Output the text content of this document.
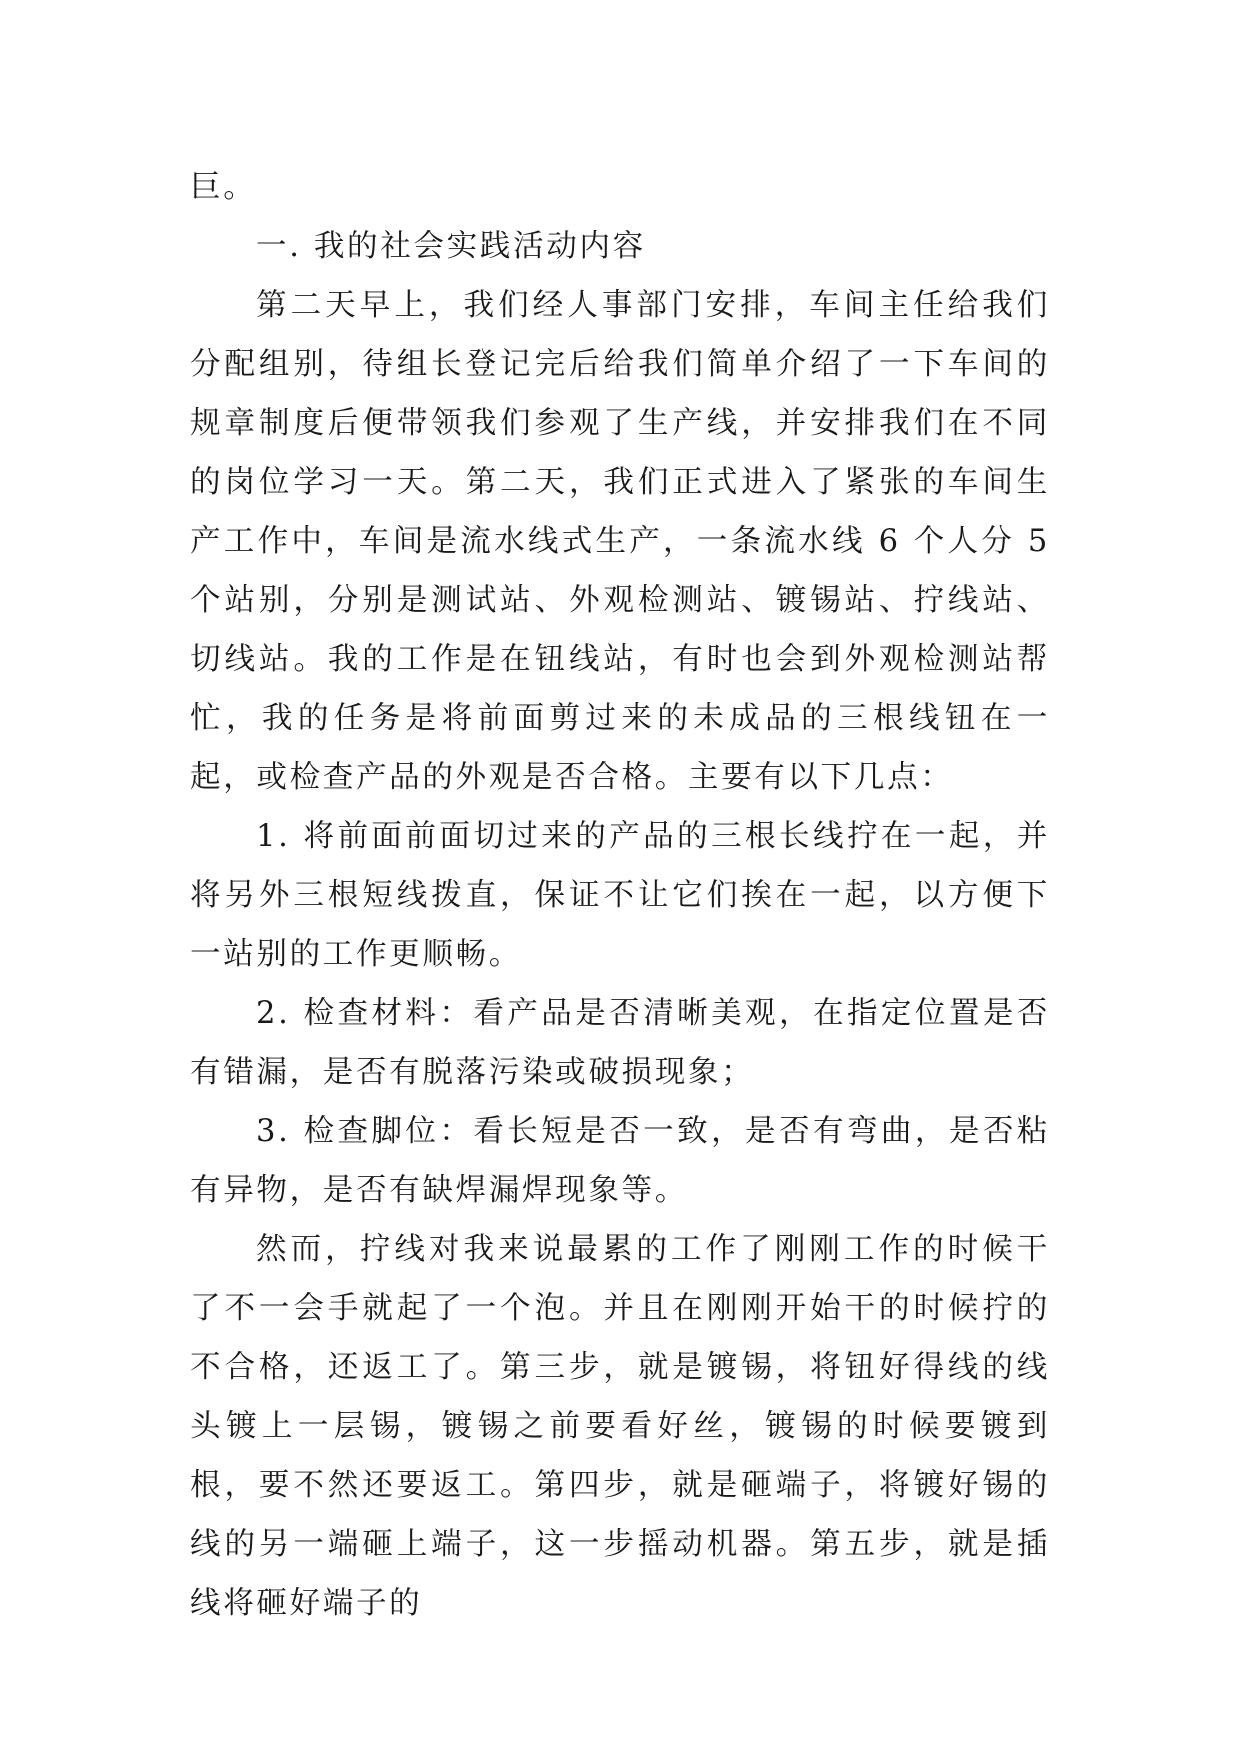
巨。

一. 我的社会实践活动内容

第二天早上，我们经人事部门安排，车间主任给我们分配组别，待组长登记完后给我们简单介绍了一下车间的规章制度后便带领我们参观了生产线，并安排我们在不同的岗位学习一天。第二天，我们正式进入了紧张的车间生产工作中，车间是流水线式生产，一条流水线 6 个人分 5 个站别，分别是测试站、外观检测站、镀锡站、拧线站、切线站。我的工作是在钮线站，有时也会到外观检测站帮忙，我的任务是将前面剪过来的未成品的三根线钮在一起，或检查产品的外观是否合格。主要有以下几点：

1. 将前面前面切过来的产品的三根长线拧在一起，并将另外三根短线拨直，保证不让它们挨在一起，以方便下一站别的工作更顺畅。

2. 检查材料：看产品是否清晰美观，在指定位置是否有错漏，是否有脱落污染或破损现象；

3. 检查脚位：看长短是否一致，是否有弯曲，是否粘有异物，是否有缺焊漏焊现象等。

然而，拧线对我来说最累的工作了刚刚工作的时候干了不一会手就起了一个泡。并且在刚刚开始干的时候拧的不合格，还返工了。第三步，就是镀锡，将钮好得线的线头镀上一层锡，镀锡之前要看好丝，镀锡的时候要镀到根，要不然还要返工。第四步，就是砸端子，将镀好锡的线的另一端砸上端子，这一步摇动机器。第五步，就是插线将砸好端子的
